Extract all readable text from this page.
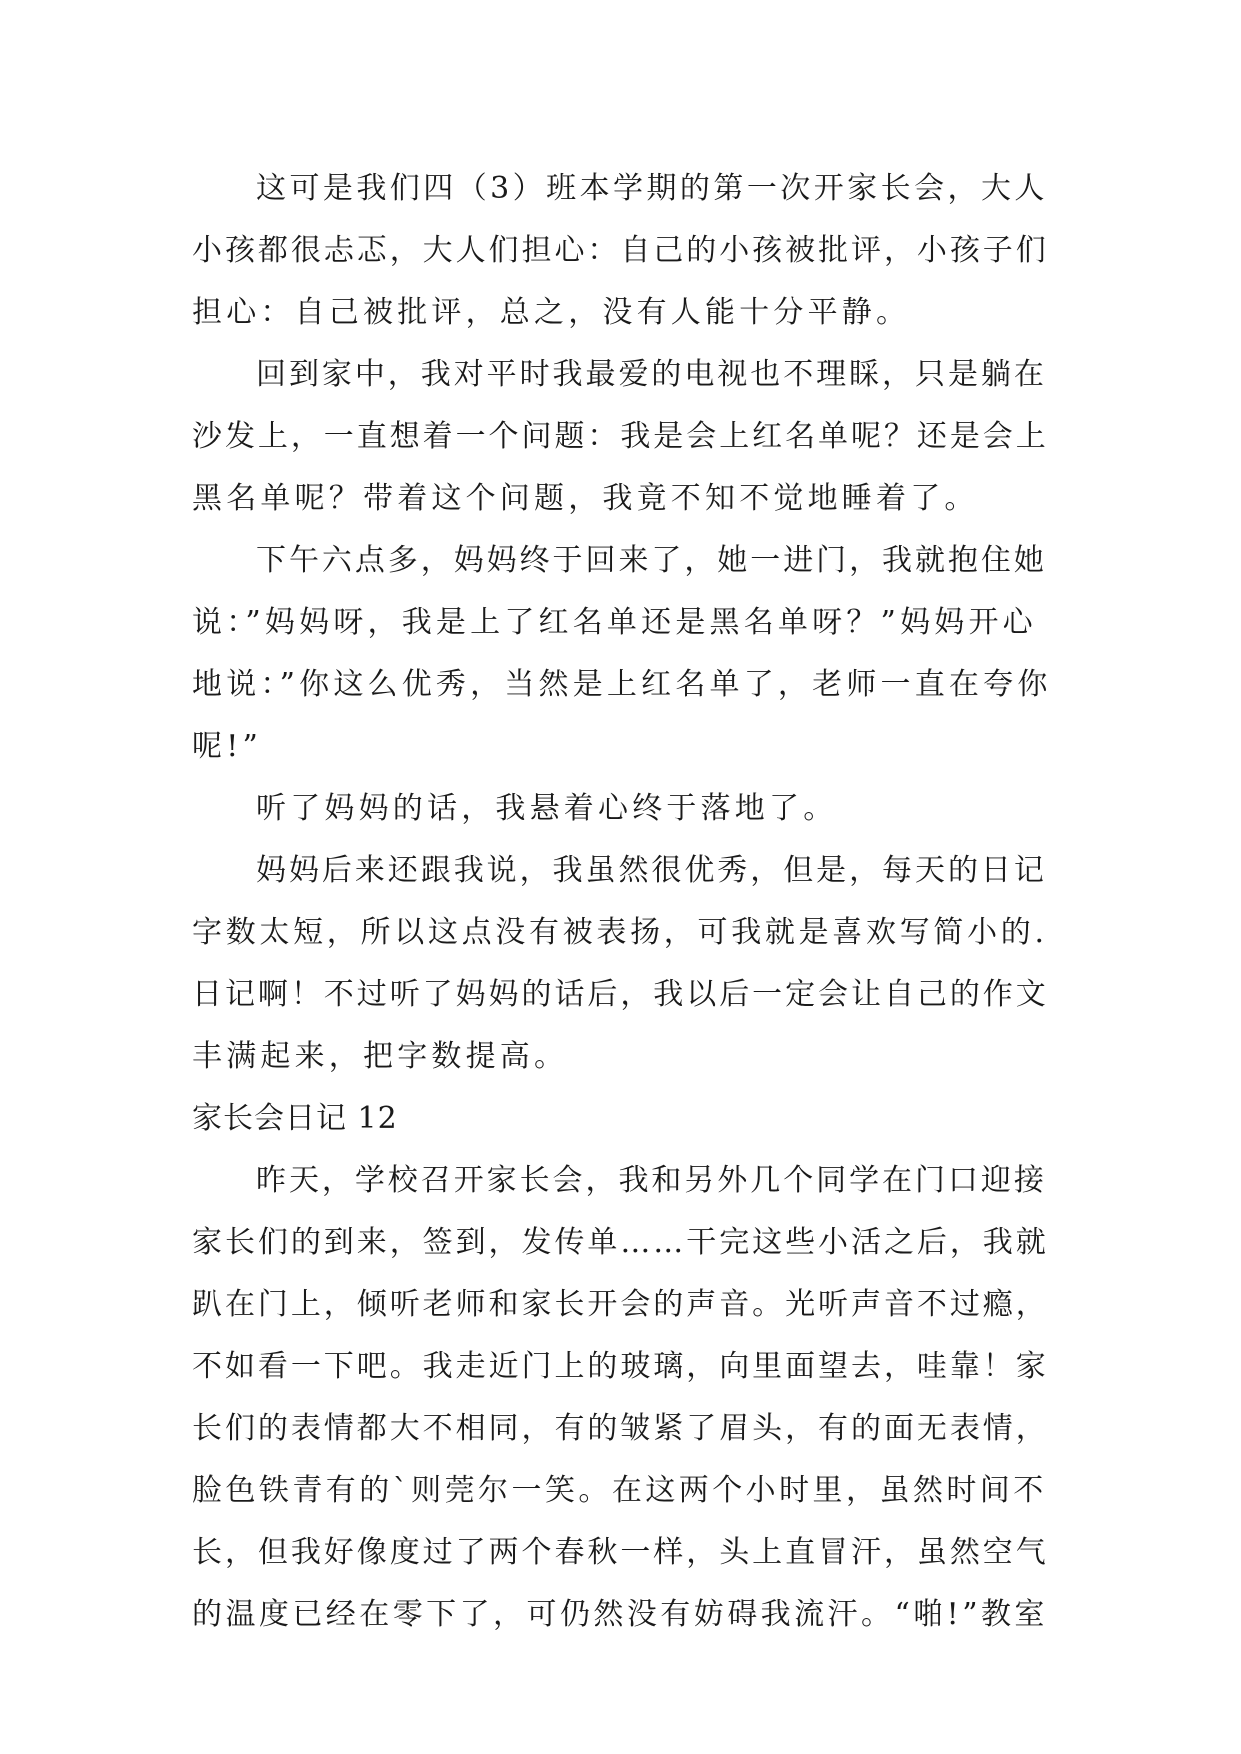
这可是我们四（3）班本学期的第一次开家长会，大人
小孩都很忐忑，大人们担心：自己的小孩被批评，小孩子们
担心：自己被批评，总之，没有人能十分平静。
回到家中，我对平时我最爱的电视也不理睬，只是躺在
沙发上，一直想着一个问题：我是会上红名单呢？还是会上
黑名单呢？带着这个问题，我竟不知不觉地睡着了。
下午六点多，妈妈终于回来了，她一进门，我就抱住她
说：”妈妈呀，我是上了红名单还是黑名单呀？”妈妈开心
地说：”你这么优秀，当然是上红名单了，老师一直在夸你
呢!”
听了妈妈的话，我悬着心终于落地了。
妈妈后来还跟我说，我虽然很优秀，但是，每天的日记
字数太短，所以这点没有被表扬，可我就是喜欢写简小的.
日记啊！不过听了妈妈的话后，我以后一定会让自己的作文
丰满起来，把字数提高。
家长会日记 12
昨天，学校召开家长会，我和另外几个同学在门口迎接
家长们的到来，签到，发传单……干完这些小活之后，我就
趴在门上，倾听老师和家长开会的声音。光听声音不过瘾，
不如看一下吧。我走近门上的玻璃，向里面望去，哇靠！家
长们的表情都大不相同，有的皱紧了眉头，有的面无表情，
脸色铁青有的`则莞尔一笑。在这两个小时里，虽然时间不
长，但我好像度过了两个春秋一样，头上直冒汗，虽然空气
的温度已经在零下了，可仍然没有妨碍我流汗。“啪!”教室
